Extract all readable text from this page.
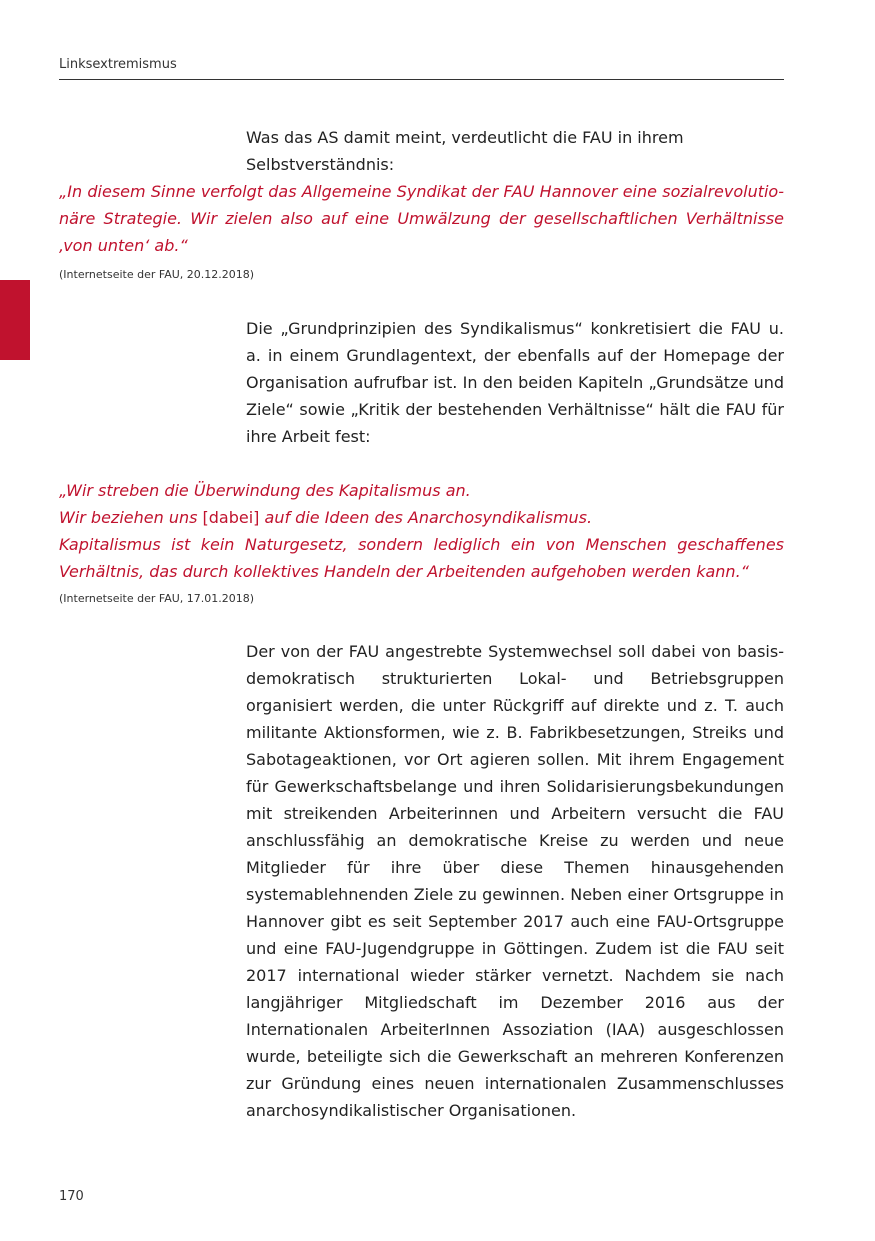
Linksextremismus
Was das AS damit meint, verdeutlicht die FAU in ihrem Selbstverständnis:
„In diesem Sinne verfolgt das Allgemeine Syndikat der FAU Hannover eine sozialrevolutionäre Strategie. Wir zielen also auf eine Umwälzung der gesellschaftlichen Verhältnisse ‚von unten‘ ab.“
(Internetseite der FAU, 20.12.2018)
Die „Grundprinzipien des Syndikalismus“ konkretisiert die FAU u. a. in einem Grundlagentext, der ebenfalls auf der Homepage der Organisation aufrufbar ist. In den beiden Kapiteln „Grundsätze und Ziele“ sowie „Kritik der bestehenden Verhältnisse“ hält die FAU für ihre Arbeit fest:
„Wir streben die Überwindung des Kapitalismus an.
Wir beziehen uns [dabei] auf die Ideen des Anarchosyndikalismus.
Kapitalismus ist kein Naturgesetz, sondern lediglich ein von Menschen geschaffenes Verhältnis, das durch kollektives Handeln der Arbeitenden aufgehoben werden kann.“
(Internetseite der FAU, 17.01.2018)
Der von der FAU angestrebte Systemwechsel soll dabei von basisdemokratisch strukturierten Lokal- und Betriebsgruppen organisiert werden, die unter Rückgriff auf direkte und z. T. auch militante Aktionsformen, wie z. B. Fabrikbesetzungen, Streiks und Sabotageaktionen, vor Ort agieren sollen. Mit ihrem Engagement für Gewerkschaftsbelange und ihren Solidarisierungsbekundungen mit streikenden Arbeiterinnen und Arbeitern versucht die FAU anschlussfähig an demokratische Kreise zu werden und neue Mitglieder für ihre über diese Themen hinausgehenden systemablehnenden Ziele zu gewinnen. Neben einer Ortsgruppe in Hannover gibt es seit September 2017 auch eine FAU-Ortsgruppe und eine FAU-Jugendgruppe in Göttingen. Zudem ist die FAU seit 2017 international wieder stärker vernetzt. Nachdem sie nach langjähriger Mitgliedschaft im Dezember 2016 aus der Internationalen ArbeiterInnen Assoziation (IAA) ausgeschlossen wurde, beteiligte sich die Gewerkschaft an mehreren Konferenzen zur Gründung eines neuen internationalen Zusammenschlusses anarchosyndikalistischer Organisationen.
170
